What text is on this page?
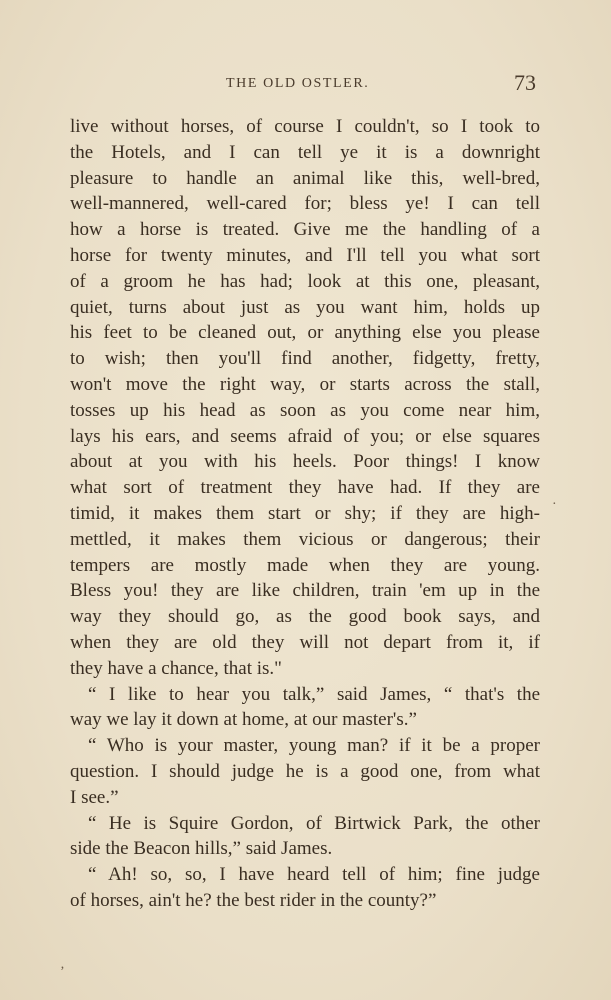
THE OLD OSTLER.	73
live without horses, of course I couldn't, so I took to
the Hotels, and I can tell ye it is a downright
pleasure to handle an animal like this, well-bred,
well-mannered, well-cared for; bless ye! I can tell
how a horse is treated. Give me the handling of a
horse for twenty minutes, and I'll tell you what sort
of a groom he has had; look at this one, pleasant,
quiet, turns about just as you want him, holds up
his feet to be cleaned out, or anything else you please
to wish; then you'll find another, fidgetty, fretty,
won't move the right way, or starts across the stall,
tosses up his head as soon as you come near him,
lays his ears, and seems afraid of you; or else squares
about at you with his heels. Poor things! I know
what sort of treatment they have had. If they are
timid, it makes them start or shy; if they are high-
mettled, it makes them vicious or dangerous; their
tempers are mostly made when they are young.
Bless you! they are like children, train 'em up in the
way they should go, as the good book says, and
when they are old they will not depart from it, if
they have a chance, that is."
“ I like to hear you talk,” said James, “ that's the
way we lay it down at home, at our master's.”
“ Who is your master, young man? if it be a proper
question. I should judge he is a good one, from what
I see.”
“ He is Squire Gordon, of Birtwick Park, the other
side the Beacon hills,” said James.
“ Ah! so, so, I have heard tell of him; fine judge
of horses, ain't he? the best rider in the county?”
·
‚
